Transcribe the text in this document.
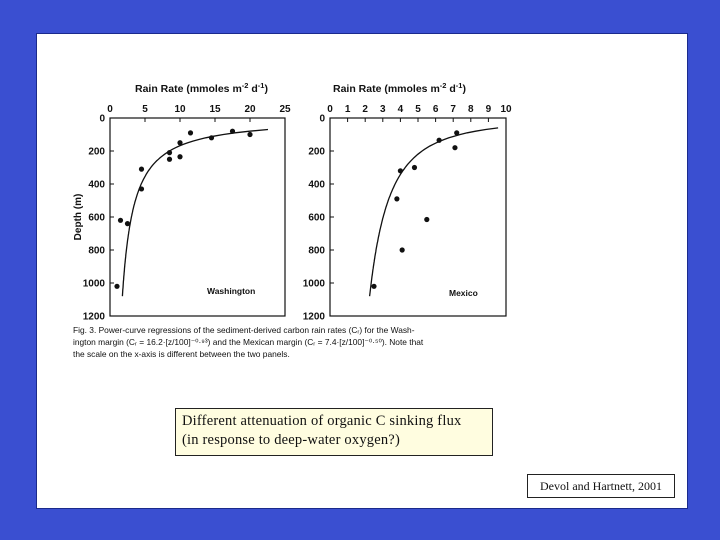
Rain Rate (mmoles $m^{-2}$ $d^{-1}$)
0	5	10 15 20 25
0
200
400
600
800
1000
1200
Depth (m)
Washington
Rain Rate (mmoles $m^{-2}$ $d^{-1}$)
0 1 2 3 4 5 6 7 8 9 10
0
200
400
600
800
1000
1200
Mexico
Fig. 3. Power-curve regressions of the sediment-derived carbon rain rates (Cᵣ) for the Wash-
ington margin (Cᵣ = 16.2·[z/100]⁻⁰·⁹³) and the Mexican margin (Cᵣ = 7.4·[z/100]⁻⁰·⁵⁰). Note that
the scale on the x-axis is different between the two panels.
Different attenuation of organic C sinking flux
(in response to deep-water oxygen?)
Devol and Hartnett, 2001
